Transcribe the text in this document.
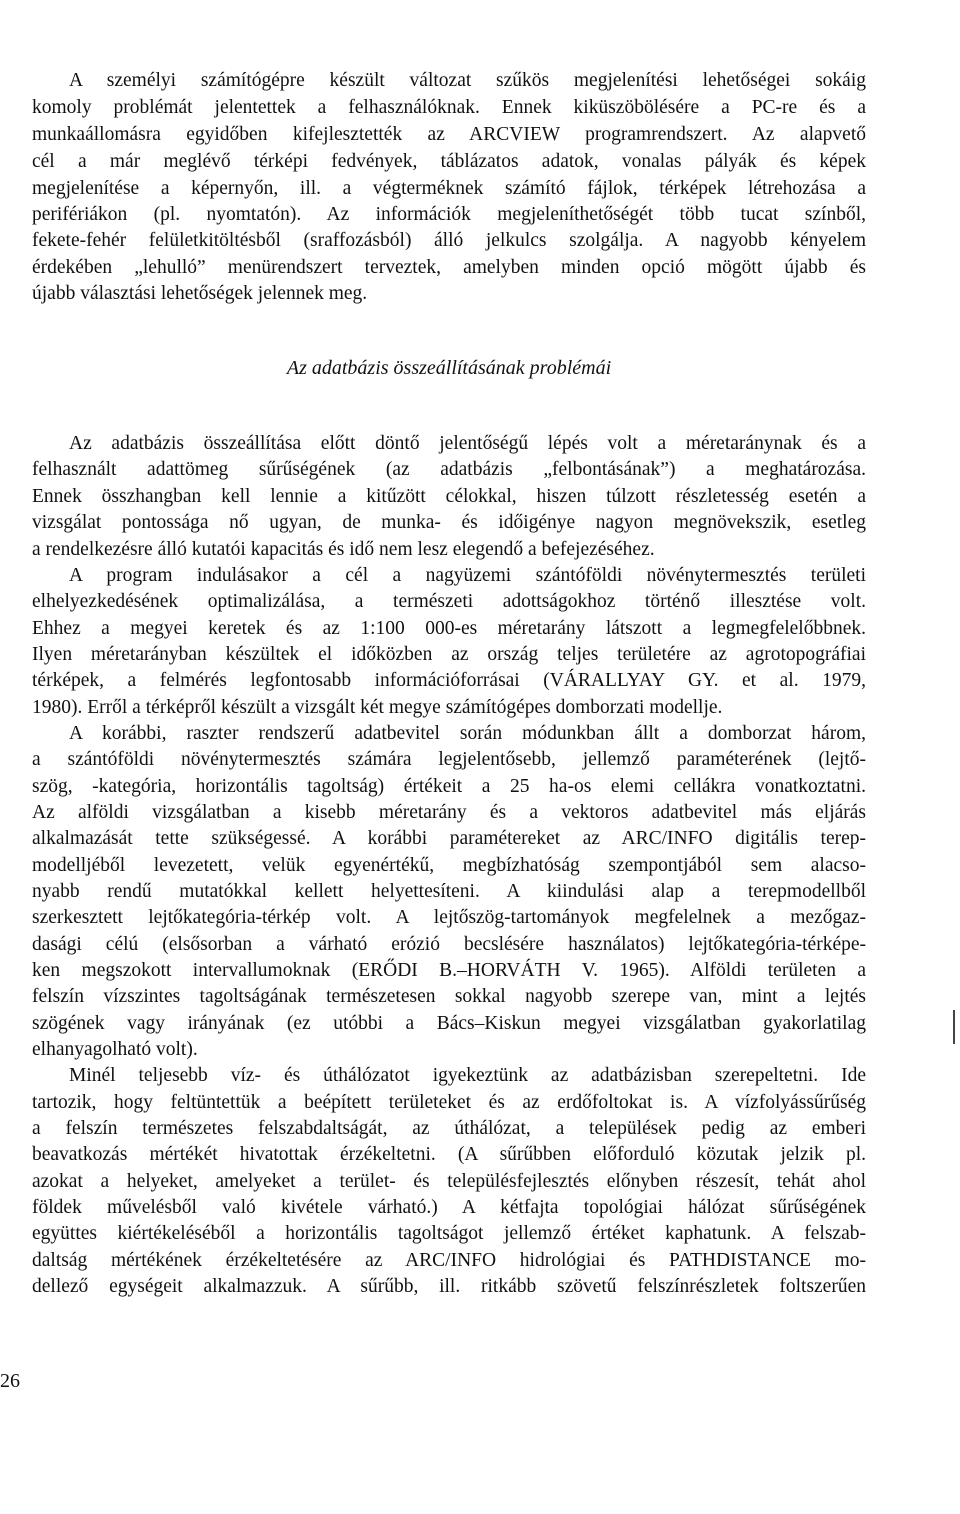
A személyi számítógépre készült változat szűkös megjelenítési lehetőségei sokáig
komoly problémát jelentettek a felhasználóknak. Ennek kiküszöbölésére a PC-re és a
munkaállomásra egyidőben kifejlesztették az ARCVIEW programrendszert. Az alapvető
cél a már meglévő térképi fedvények, táblázatos adatok, vonalas pályák és képek
megjelenítése a képernyőn, ill. a végterméknek számító fájlok, térképek létrehozása a
perifériákon (pl. nyomtatón). Az információk megjeleníthetőségét több tucat színből,
fekete-fehér felületkitöltésből (sraffozásból) álló jelkulcs szolgálja. A nagyobb kényelem
érdekében „lehulló” menürendszert terveztek, amelyben minden opció mögött újabb és
újabb választási lehetőségek jelennek meg.
Az adatbázis összeállításának problémái
Az adatbázis összeállítása előtt döntő jelentőségű lépés volt a méretaránynak és a
felhasznált adattömeg sűrűségének (az adatbázis „felbontásának”) a meghatározása.
Ennek összhangban kell lennie a kitűzött célokkal, hiszen túlzott részletesség esetén a
vizsgálat pontossága nő ugyan, de munka- és időigénye nagyon megnövekszik, esetleg
a rendelkezésre álló kutatói kapacitás és idő nem lesz elegendő a befejezéséhez.
A program indulásakor a cél a nagyüzemi szántóföldi növénytermesztés területi
elhelyezkedésének optimalizálása, a természeti adottságokhoz történő illesztése volt.
Ehhez a megyei keretek és az 1:100 000-es méretarány látszott a legmegfelelőbbnek.
Ilyen méretarányban készültek el időközben az ország teljes területére az agrotopográfiai
térképek, a felmérés legfontosabb információforrásai (VÁRALLYAY GY. et al. 1979,
1980). Erről a térképről készült a vizsgált két megye számítógépes domborzati modellje.
A korábbi, raszter rendszerű adatbevitel során módunkban állt a domborzat három,
a szántóföldi növénytermesztés számára legjelentősebb, jellemző paraméterének (lejtő-
szög, -kategória, horizontális tagoltság) értékeit a 25 ha-os elemi cellákra vonatkoztatni.
Az alföldi vizsgálatban a kisebb méretarány és a vektoros adatbevitel más eljárás
alkalmazását tette szükségessé. A korábbi paramétereket az ARC/INFO digitális terep-
modelljéből levezetett, velük egyenértékű, megbízhatóság szempontjából sem alacso-
nyabb rendű mutatókkal kellett helyettesíteni. A kiindulási alap a terepmodellből
szerkesztett lejtőkategória-térkép volt. A lejtőszög-tartományok megfelelnek a mezőgaz-
dasági célú (elsősorban a várható erózió becslésére használatos) lejtőkategória-térképe-
ken megszokott intervallumoknak (ERŐDI B.–HORVÁTH V. 1965). Alföldi területen a
felszín vízszintes tagoltságának természetesen sokkal nagyobb szerepe van, mint a lejtés
szögének vagy irányának (ez utóbbi a Bács–Kiskun megyei vizsgálatban gyakorlatilag
elhanyagolható volt).
Minél teljesebb víz- és úthálózatot igyekeztünk az adatbázisban szerepeltetni. Ide
tartozik, hogy feltüntettük a beépített területeket és az erdőfoltokat is. A vízfolyássűrűség
a felszín természetes felszabdaltságát, az úthálózat, a települések pedig az emberi
beavatkozás mértékét hivatottak érzékeltetni. (A sűrűbben előforduló közutak jelzik pl.
azokat a helyeket, amelyeket a terület- és településfejlesztés előnyben részesít, tehát ahol
földek művelésből való kivétele várható.) A kétfajta topológiai hálózat sűrűségének
együttes kiértékeléséből a horizontális tagoltságot jellemző értéket kaphatunk. A felszab-
daltság mértékének érzékeltetésére az ARC/INFO hidrológiai és PATHDISTANCE mo-
dellező egységeit alkalmazzuk. A sűrűbb, ill. ritkább szövetű felszínrészletek foltszerűen
26
